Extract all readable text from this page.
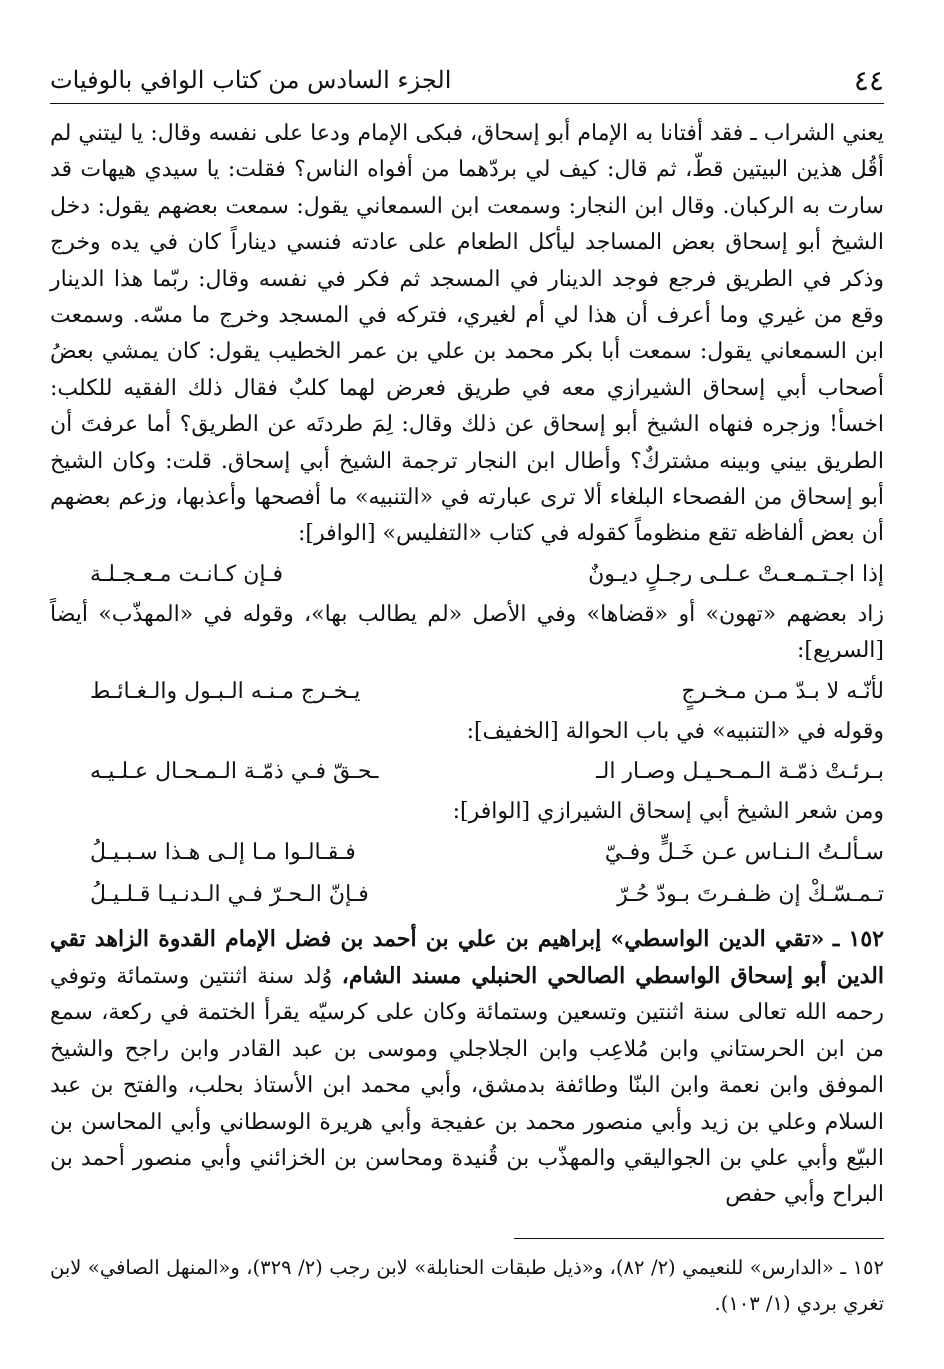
٤٤
الجزء السادس من كتاب الوافي بالوفيات

يعني الشراب ـ فقد أفتانا به الإمام أبو إسحاق، فبكى الإمام ودعا على نفسه وقال: يا ليتني لم أقُل هذين البيتين قطّ، ثم قال: كيف لي بردّهما من أفواه الناس؟ فقلت: يا سيدي هيهات قد سارت به الركبان. وقال ابن النجار: وسمعت ابن السمعاني يقول: سمعت بعضهم يقول: دخل الشيخ أبو إسحاق بعض المساجد ليأكل الطعام على عادته فنسي ديناراً كان في يده وخرج وذكر في الطريق فرجع فوجد الدينار في المسجد ثم فكر في نفسه وقال: ربّما هذا الدينار وقع من غيري وما أعرف أن هذا لي أم لغيري، فتركه في المسجد وخرج ما مسّه. وسمعت ابن السمعاني يقول: سمعت أبا بكر محمد بن علي بن عمر الخطيب يقول: كان يمشي بعضُ أصحاب أبي إسحاق الشيرازي معه في طريق فعرض لهما كلبٌ فقال ذلك الفقيه للكلب: اخسأ! وزجره فنهاه الشيخ أبو إسحاق عن ذلك وقال: لِمَ طردتَه عن الطريق؟ أما عرفتَ أن الطريق بيني وبينه مشتركٌ؟ وأطال ابن النجار ترجمة الشيخ أبي إسحاق. قلت: وكان الشيخ أبو إسحاق من الفصحاء البلغاء ألا ترى عبارته في «التنبيه» ما أفصحها وأعذبها، وزعم بعضهم أن بعض ألفاظه تقع منظوماً كقوله في كتاب «التفليس» [الوافر]:

إذا اجـتـمـعـتْ عـلـى رجـلٍ ديـونٌ
فـإن كـانـت مـعـجـلـة

زاد بعضهم «تهون» أو «قضاها» وفي الأصل «لم يطالب بها»، وقوله في «المهذّب» أيضاً [السريع]:

لأنّـه لا بـدّ مـن مـخـرجٍ
يـخـرج مـنـه الـبـول والـغـائـط

وقوله في «التنبيه» في باب الحوالة [الخفيف]:

بـرئـتْ ذمّـة الـمـحـيـل وصـار الـ
ـحـقّ فـي ذمّـة الـمـحـال عـلـيـه

ومن شعر الشيخ أبي إسحاق الشيرازي [الوافر]:

سـألـتُ الـنـاس عـن خَـلٍّ وفـيّ
فـقـالـوا مـا إلـى هـذا سـبـيـلُ
تـمـسّـكْ إن ظـفـرتَ بـودّ حُـرّ
فـإنّ الـحـرّ فـي الـدنـيـا قـلـيـلُ

١٥٢ ـ «تقي الدين الواسطي» إبراهيم بن علي بن أحمد بن فضل الإمام القدوة الزاهد تقي الدين أبو إسحاق الواسطي الصالحي الحنبلي مسند الشام، وُلد سنة اثنتين وستمائة وتوفي رحمه الله تعالى سنة اثنتين وتسعين وستمائة وكان على كرسيّه يقرأ الختمة في ركعة، سمع من ابن الحرستاني وابن مُلاعِب وابن الجلاجلي وموسى بن عبد القادر وابن راجح والشيخ الموفق وابن نعمة وابن البنّا وطائفة بدمشق، وأبي محمد ابن الأستاذ بحلب، والفتح بن عبد السلام وعلي بن زيد وأبي منصور محمد بن عفيجة وأبي هريرة الوسطاني وأبي المحاسن بن البيّع وأبي علي بن الجواليقي والمهذّب بن قُنيدة ومحاسن بن الخزائني وأبي منصور أحمد بن البراح وأبي حفص

١٥٢ ـ «الدارس» للنعيمي (٢/ ٨٢)، و«ذيل طبقات الحنابلة» لابن رجب (٢/ ٣٢٩)، و«المنهل الصافي» لابن تغري بردي (١/ ١٠٣).
